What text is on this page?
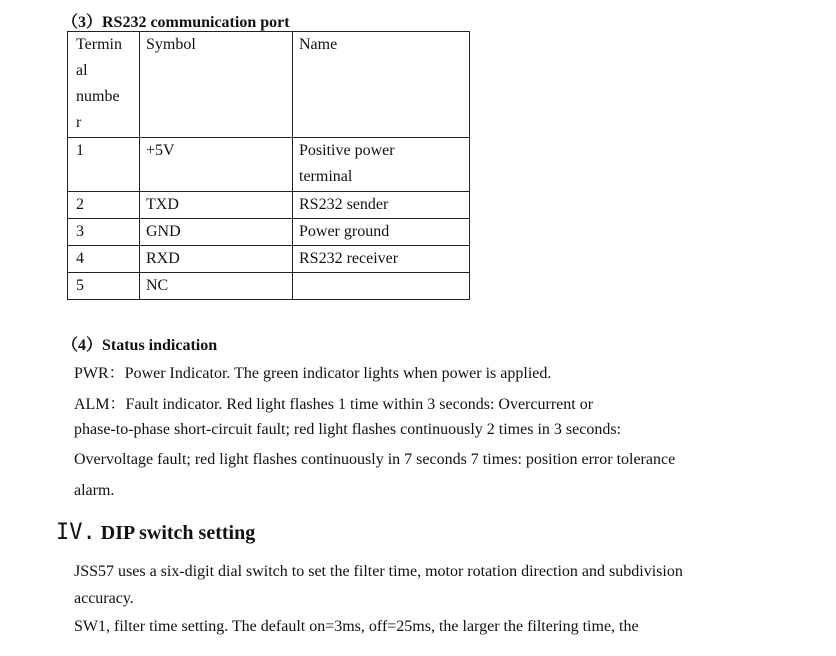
（3）RS232 communication port
Termin
al
numbe
r	Symbol	Name
1	+5V	Positive power
terminal
2	TXD	RS232 sender
3	GND	Power ground
4	RXD	RS232 receiver
5	NC	
（4）Status indication
PWR：Power Indicator. The green indicator lights when power is applied.
ALM：Fault indicator. Red light flashes 1 time within 3 seconds: Overcurrent or
phase-to-phase short-circuit fault; red light flashes continuously 2 times in 3 seconds:
Overvoltage fault; red light flashes continuously in 7 seconds 7 times: position error tolerance
alarm.
IV. DIP switch setting
JSS57 uses a six-digit dial switch to set the filter time, motor rotation direction and subdivision
accuracy.
SW1, filter time setting. The default on=3ms, off=25ms, the larger the filtering time, the
